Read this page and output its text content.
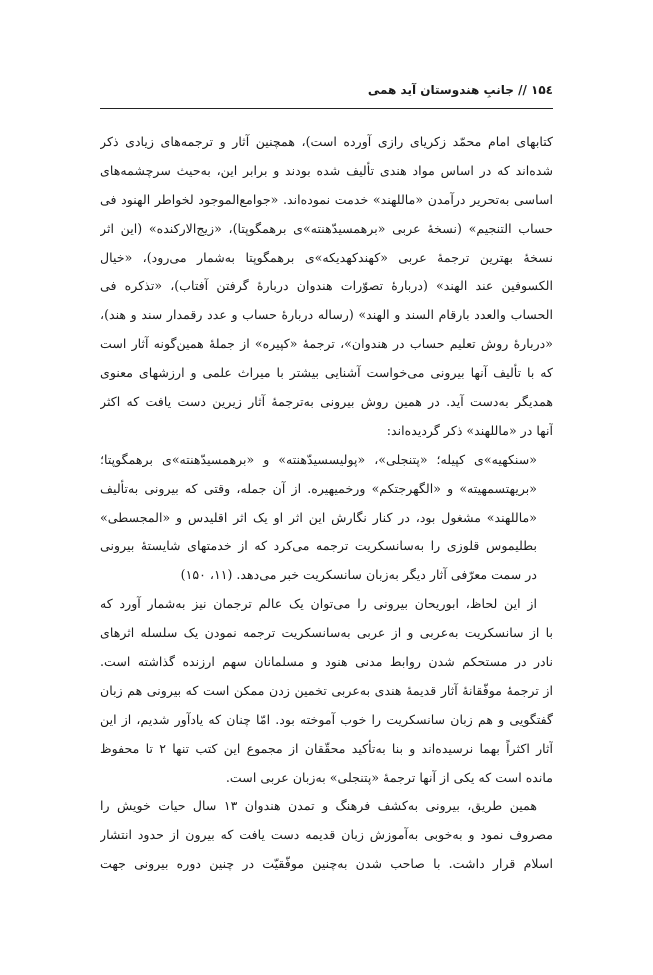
۱۵٤ // جانبِ هندوستان آید همی
کتابهای امام محمّد زکریای رازی آورده است)، همچنین آثار و ترجمه‌های زیادی ذکر
شده‌اند که در اساس مواد هندی تألیف شده بودند و برابر این، به‌حیث سرچشمه‌های
اساسی به‌تحریر درآمدن «ماللهند» خدمت نموده‌اند. «جوامع‌الموجود لخواطر الهنود فی
حساب التنجیم» (نسخهٔ عربی «برهمسیدّهنته»ی برهمگوپتا)، «زیج‌الارکنده» (این اثر
نسخهٔ بهترین ترجمهٔ عربی «کهندکهدیکه»ی برهمگوپتا به‌شمار می‌رود)، «خیال
الکسوفین عند الهند» (دربارهٔ تصوّرات هندوان دربارهٔ گرفتن آفتاب)، «تذکره فی
الحساب والعدد بارقام السند و الهند» (رساله دربارهٔ حساب و عدد رقمدار سند و هند)،
«دربارهٔ روش تعلیم حساب در هندوان»، ترجمهٔ «کپیره» از جملهٔ همین‌گونه آثار است
که با تألیف آنها بیرونی می‌خواست آشنایی بیشتر با میراث علمی و ارزشهای معنوی
همدیگر به‌دست آید. در همین روش بیرونی به‌ترجمهٔ آثار زیرین دست یافت که اکثر
آنها در «ماللهند» ذکر گردیده‌اند:
«سنکهیه»ی کپیله؛ «پتنجلی»، «پولیسسیدّهنته» و «برهمسیدّهنته»ی برهمگوپتا؛
«بریهتسمهیته» و «الگهرجتکم» ورخمیهیره. از آن جمله، وقتی که بیرونی به‌تألیف
«ماللهند» مشغول بود، در کنار نگارش این اثر او یک اثر اقلیدس و «المجسطی»
بطلیموس قلوزی را به‌سانسکریت ترجمه می‌کرد که از خدمتهای شایستهٔ بیرونی
در سمت معرّفی آثار دیگر به‌زبان سانسکریت خبر می‌دهد. (۱۱، ۱۵۰)
از این لحاظ، ابوریحان بیرونی را می‌توان یک عالم ترجمان نیز به‌شمار آورد که
با از سانسکریت به‌عربی و از عربی به‌سانسکریت ترجمه نمودن یک سلسله اثرهای
نادر در مستحکم شدن روابط مدنی هنود و مسلمانان سهم ارزنده گذاشته است.
از ترجمهٔ موفّقانهٔ آثار قدیمهٔ هندی به‌عربی تخمین زدن ممکن است که بیرونی هم زبان
گفتگویی و هم زبان سانسکریت را خوب آموخته بود. امّا چنان که یادآور شدیم، از این
آثار اکثراً بهما نرسیده‌اند و بنا به‌تأکید محقّقان از مجموع این کتب تنها ۲ تا محفوظ
مانده است که یکی از آنها ترجمهٔ «پتنجلی» به‌زبان عربی است.
همین طریق، بیرونی به‌کشف فرهنگ و تمدن هندوان ۱۳ سال حیات خویش را
مصروف نمود و به‌خوبی به‌آموزش زبان قدیمه دست یافت که بیرون از حدود انتشار
اسلام قرار داشت. با صاحب شدن به‌چنین موفّقیّت در چنین دوره بیرونی جهت
